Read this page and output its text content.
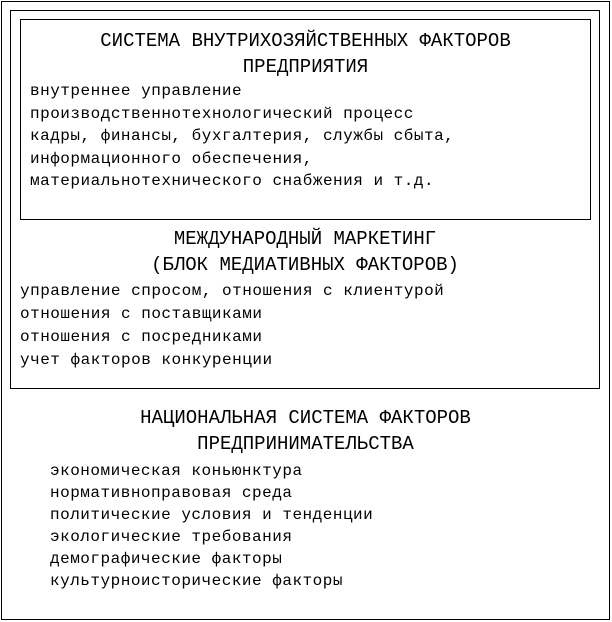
СИСТЕМА ВНУТРИХОЗЯЙСТВЕННЫХ ФАКТОРОВ
ПРЕДПРИЯТИЯ
внутреннее управление
производственнотехнологический процесс
кадры, финансы, бухгалтерия, службы сбыта,
информационного обеспечения,
материальнотехнического снабжения и т.д.
МЕЖДУНАРОДНЫЙ МАРКЕТИНГ
(БЛОК МЕДИАТИВНЫХ ФАКТОРОВ)
управление спросом, отношения с клиентурой
отношения с поставщиками
отношения с посредниками
учет факторов конкуренции
НАЦИОНАЛЬНАЯ СИСТЕМА ФАКТОРОВ
ПРЕДПРИНИМАТЕЛЬСТВА
экономическая коньюнктура
нормативноправовая среда
политические условия и тенденции
экологические требования
демографические факторы
культурноисторические факторы
